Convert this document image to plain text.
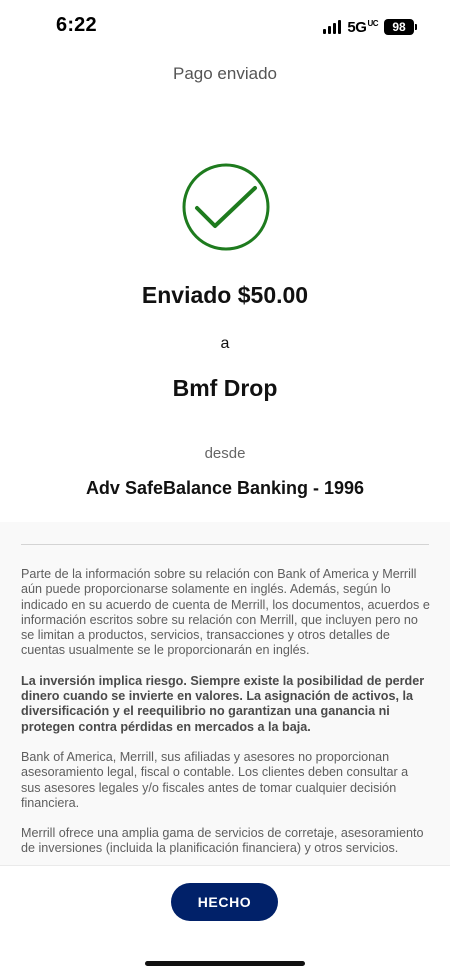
6:22	$5G^{UC}$ 98
Pago enviado
Enviado $50.00
a
Bmf Drop
desde
Adv SafeBalance Banking - 1996

Parte de la información sobre su relación con Bank of America y Merrill aún puede proporcionarse solamente en inglés. Además, según lo indicado en su acuerdo de cuenta de Merrill, los documentos, acuerdos e información escritos sobre su relación con Merrill, que incluyen pero no se limitan a productos, servicios, transacciones y otros detalles de cuentas usualmente se le proporcionarán en inglés.

La inversión implica riesgo. Siempre existe la posibilidad de perder dinero cuando se invierte en valores. La asignación de activos, la diversificación y el reequilibrio no garantizan una ganancia ni protegen contra pérdidas en mercados a la baja.

Bank of America, Merrill, sus afiliadas y asesores no proporcionan asesoramiento legal, fiscal o contable. Los clientes deben consultar a sus asesores legales y/o fiscales antes de tomar cualquier decisión financiera.

Merrill ofrece una amplia gama de servicios de corretaje, asesoramiento de inversiones (incluida la planificación financiera) y otros servicios.

HECHO
